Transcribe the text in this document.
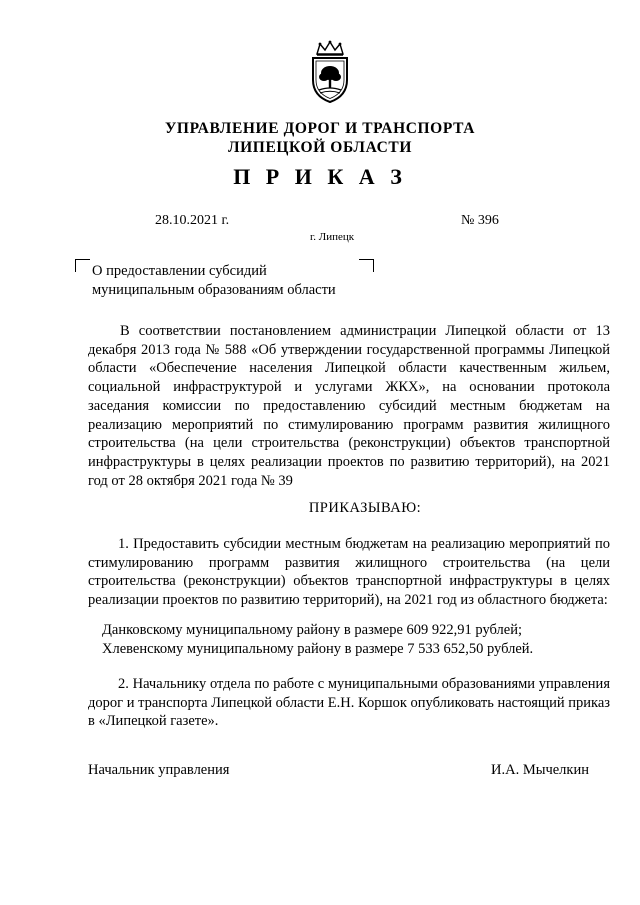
УПРАВЛЕНИЕ ДОРОГ И ТРАНСПОРТА
ЛИПЕЦКОЙ ОБЛАСТИ
П Р И К А З
28.10.2021 г.	№ 396
г. Липецк
О предоставлении субсидий
муниципальным образованиям области

В соответствии постановлением администрации Липецкой области от 13 декабря 2013 года № 588 «Об утверждении государственной программы Липецкой области «Обеспечение населения Липецкой области качественным жильем, социальной инфраструктурой и услугами ЖКХ», на основании протокола заседания комиссии по предоставлению субсидий местным бюджетам на реализацию мероприятий по стимулированию программ развития жилищного строительства (на цели строительства (реконструкции) объектов транспортной инфраструктуры в целях реализации проектов по развитию территорий), на 2021 год от 28 октября 2021 года № 39

ПРИКАЗЫВАЮ:

1. Предоставить субсидии местным бюджетам на реализацию мероприятий по стимулированию программ развития жилищного строительства (на цели строительства (реконструкции) объектов транспортной инфраструктуры в целях реализации проектов по развитию территорий), на 2021 год из областного бюджета:

Данковскому муниципальному району в размере 609 922,91 рублей;
Хлевенскому муниципальному району в размере 7 533 652,50 рублей.

2. Начальнику отдела по работе с муниципальными образованиями управления дорог и транспорта Липецкой области Е.Н. Коршок опубликовать настоящий приказ в «Липецкой газете».

Начальник управления	И.А. Мычелкин
